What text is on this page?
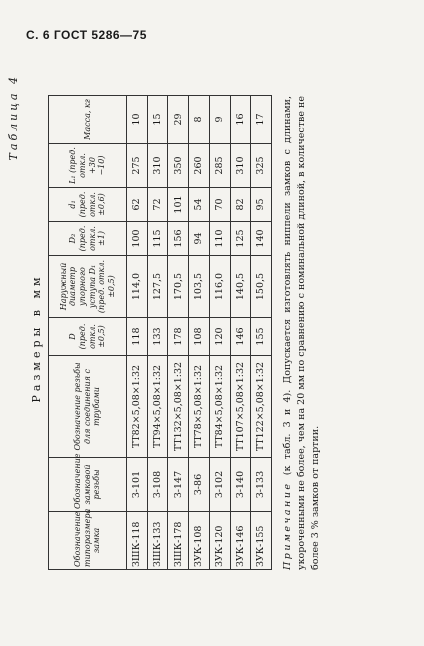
С. 6 ГОСТ 5286—75

Таблица 4

Размеры в мм

Обозначение типоразмера замка	Обозначение замковой резьбы	Обозначение резьбы для соединения с трубами	D (пред. откл. ±0,5)	Наружный диаметр упорного уступа D₁ (пред. откл. ±0,5)	D₂ (пред. откл. ±1)	d₁ (пред. откл. ±0,6)	L₁ (пред. откл. +30 −10)	Масса, кг
ЗШК-118	З-101	ТТ82×5,08×1:32	118	114,0	100	62	275	10
ЗШК-133	З-108	ТТ94×5,08×1:32	133	127,5	115	72	310	15
ЗШК-178	З-147	ТТ132×5,08×1:32	178	170,5	156	101	350	29
ЗУК-108	З-86	ТТ78×5,08×1:32	108	103,5	94	54	260	8
ЗУК-120	З-102	ТТ84×5,08×1:32	120	116,0	110	70	285	9
ЗУК-146	З-140	ТТ107×5,08×1:32	146	140,5	125	82	310	16
ЗУК-155	З-133	ТТ122×5,08×1:32	155	150,5	140	95	325	17

Примечание (к табл. 3 и 4). Допускается изготовлять ниппели замков с длинами, укороченными не более, чем на 20 мм по сравнению с номинальной длиной, в количестве не более 3 % замков от партии.
